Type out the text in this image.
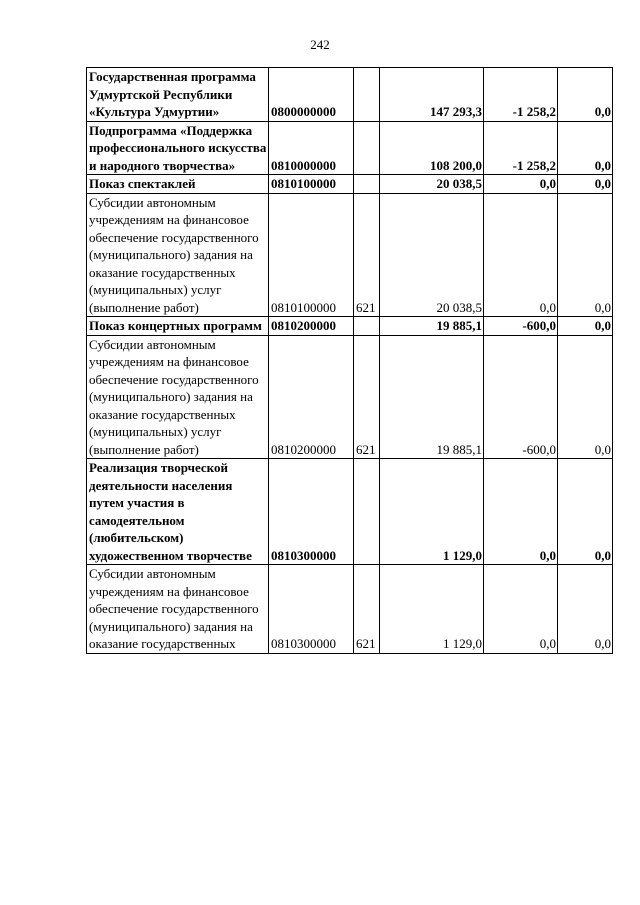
242
Государственная программа Удмуртской Республики «Культура Удмуртии»	0800000000		147 293,3	-1 258,2	0,0
Подпрограмма «Поддержка профессионального искусства и народного творчества»	0810000000		108 200,0	-1 258,2	0,0
Показ спектаклей	0810100000		20 038,5	0,0	0,0
Субсидии автономным учреждениям на финансовое обеспечение государственного (муниципального) задания на оказание государственных (муниципальных) услуг (выполнение работ)	0810100000	621	20 038,5	0,0	0,0
Показ концертных программ	0810200000		19 885,1	-600,0	0,0
Субсидии автономным учреждениям на финансовое обеспечение государственного (муниципального) задания на оказание государственных (муниципальных) услуг (выполнение работ)	0810200000	621	19 885,1	-600,0	0,0
Реализация творческой деятельности населения путем участия в самодеятельном (любительском) художественном творчестве	0810300000		1 129,0	0,0	0,0
Субсидии автономным учреждениям на финансовое обеспечение государственного (муниципального) задания на оказание государственных	0810300000	621	1 129,0	0,0	0,0
